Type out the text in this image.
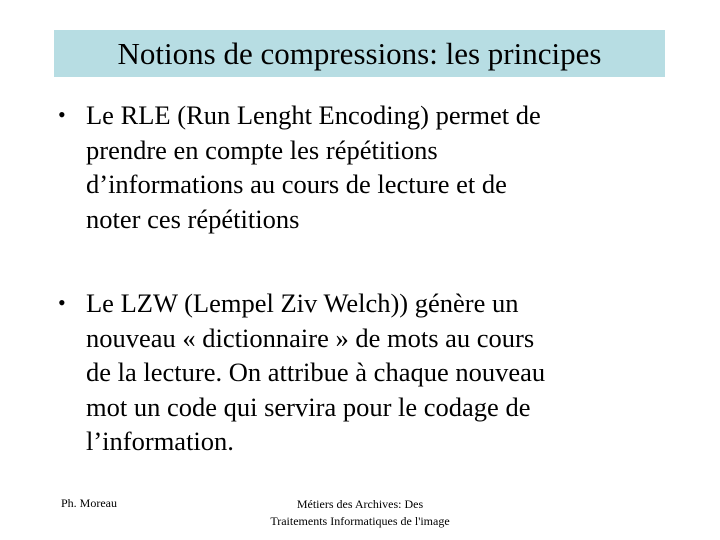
Notions de compressions: les principes
• Le RLE (Run Lenght Encoding) permet de
prendre en compte les répétitions
d’informations au cours de lecture et de
noter ces répétitions
• Le LZW (Lempel Ziv Welch)) génère un
nouveau « dictionnaire » de mots au cours
de la lecture. On attribue à chaque nouveau
mot un code qui servira pour le codage de
l’information.
Ph. Moreau	Métiers des Archives: Des
Traitements Informatiques de l'image
